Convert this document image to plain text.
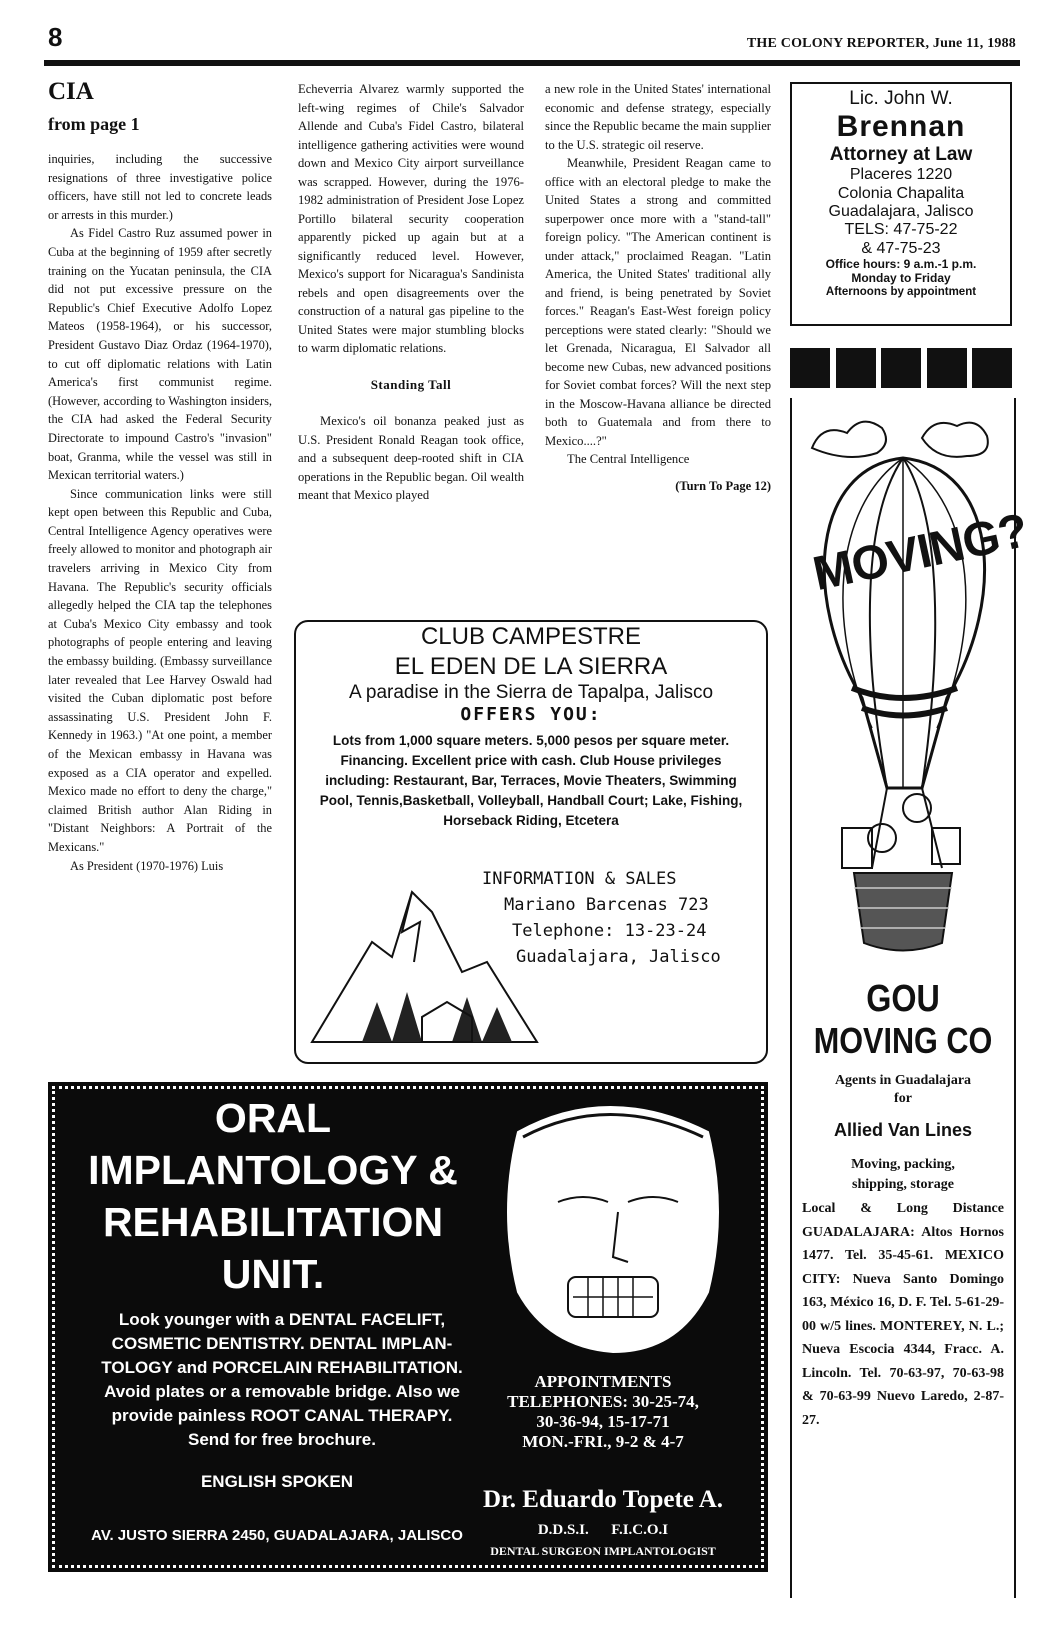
8	THE COLONY REPORTER, June 11, 1988
CIA
from page 1

inquiries, including the successive resignations of three investigative police officers, have still not led to concrete leads or arrests in this murder.)

As Fidel Castro Ruz assumed power in Cuba at the beginning of 1959 after secretly training on the Yucatan peninsula, the CIA did not put excessive pressure on the Republic's Chief Executive Adolfo Lopez Mateos (1958-1964), or his successor, President Gustavo Diaz Ordaz (1964-1970), to cut off diplomatic relations with Latin America's first communist regime. (However, according to Washington insiders, the CIA had asked the Federal Security Directorate to impound Castro's "invasion" boat, Granma, while the vessel was still in Mexican territorial waters.)

Since communication links were still kept open between this Republic and Cuba, Central Intelligence Agency operatives were freely allowed to monitor and photograph air travelers arriving in Mexico City from Havana. The Republic's security officials allegedly helped the CIA tap the telephones at Cuba's Mexico City embassy and took photographs of people entering and leaving the embassy building. (Embassy surveillance later revealed that Lee Harvey Oswald had visited the Cuban diplomatic post before assassinating U.S. President John F. Kennedy in 1963.) "At one point, a member of the Mexican embassy in Havana was exposed as a CIA operator and expelled. Mexico made no effort to deny the charge," claimed British author Alan Riding in "Distant Neighbors: A Portrait of the Mexicans."

As President (1970-1976) Luis

Echeverria Alvarez warmly supported the left-wing regimes of Chile's Salvador Allende and Cuba's Fidel Castro, bilateral intelligence gathering activities were wound down and Mexico City airport surveillance was scrapped. However, during the 1976-1982 administration of President Jose Lopez Portillo bilateral security cooperation apparently picked up again but at a significantly reduced level. However, Mexico's support for Nicaragua's Sandinista rebels and open disagreements over the construction of a natural gas pipeline to the United States were major stumbling blocks to warm diplomatic relations.

Standing Tall

Mexico's oil bonanza peaked just as U.S. President Ronald Reagan took office, and a subsequent deep-rooted shift in CIA operations in the Republic began. Oil wealth meant that Mexico played

a new role in the United States' international economic and defense strategy, especially since the Republic became the main supplier to the U.S. strategic oil reserve.

Meanwhile, President Reagan came to office with an electoral pledge to make the United States a strong and committed superpower once more with a "stand-tall" foreign policy. "The American continent is under attack," proclaimed Reagan. "Latin America, the United States' traditional ally and friend, is being penetrated by Soviet forces." Reagan's East-West foreign policy perceptions were stated clearly: "Should we let Grenada, Nicaragua, El Salvador all become new Cubas, new advanced positions for Soviet combat forces? Will the next step in the Moscow-Havana alliance be directed both to Guatemala and from there to Mexico....?"

The Central Intelligence

(Turn To Page 12)
Lic. John W.
Brennan
Attorney at Law
Placeres 1220
Colonia Chapalita
Guadalajara, Jalisco
TELS: 47-75-22
& 47-75-23
Office hours: 9 a.m.-1 p.m.
Monday to Friday
Afternoons by appointment
MOVING?
GOU
MOVING CO
Agents in Guadalajara for
Allied Van Lines
Moving, packing, shipping, storage
Local & Long Distance GUADALAJARA: Altos Hornos 1477. Tel. 35-45-61. MEXICO CITY: Nueva Santo Domingo 163, México 16, D. F. Tel. 5-61-29-00 w/5 lines. MONTEREY, N. L.; Nueva Escocia 4344, Fracc. A. Lincoln. Tel. 70-63-97, 70-63-98 & 70-63-99 Nuevo Laredo, 2-87-27.
CLUB CAMPESTRE
EL EDEN DE LA SIERRA
A paradise in the Sierra de Tapalpa, Jalisco
OFFERS YOU:
Lots from 1,000 square meters. 5,000 pesos per square meter. Financing. Excellent price with cash. Club House privileges including: Restaurant, Bar, Terraces, Movie Theaters, Swimming Pool, Tennis,Basketball, Volleyball, Handball Court; Lake, Fishing, Horseback Riding, Etcetera
INFORMATION & SALES
Mariano Barcenas 723
Telephone: 13-23-24
Guadalajara, Jalisco
ORAL
IMPLANTOLOGY &
REHABILITATION
UNIT.
Look younger with a DENTAL FACELIFT,
COSMETIC DENTISTRY. DENTAL IMPLAN-
TOLOGY and PORCELAIN REHABILITATION.
Avoid plates or a removable bridge. Also we
provide painless ROOT CANAL THERAPY.
Send for free brochure.
ENGLISH SPOKEN
AV. JUSTO SIERRA 2450, GUADALAJARA, JALISCO
APPOINTMENTS
TELEPHONES: 30-25-74,
30-36-94, 15-17-71
MON.-FRI., 9-2 & 4-7
Dr. Eduardo Topete A.
D.D.S.I.      F.I.C.O.I
DENTAL SURGEON IMPLANTOLOGIST
